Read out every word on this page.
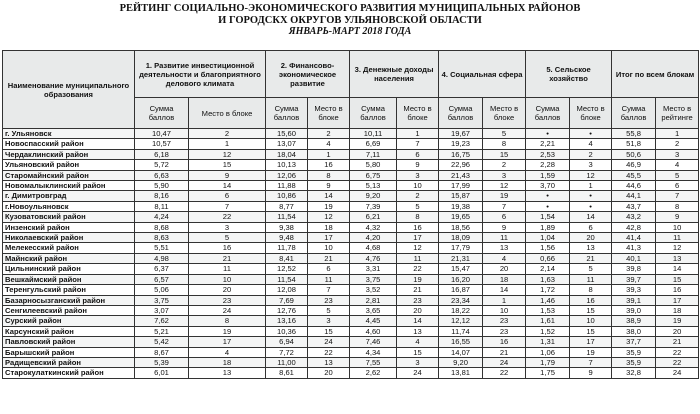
РЕЙТИНГ СОЦИАЛЬНО-ЭКОНОМИЧЕСКОГО РАЗВИТИЯ МУНИЦИПАЛЬНЫХ РАЙОНОВ
И ГОРОДСКХ ОКРУГОВ УЛЬЯНОВСКОЙ ОБЛАСТИ
ЯНВАРЬ-МАРТ 2018 ГОДА
Наименование муниципального образования	1. Развитие инвестиционной деятельности и благоприятного делового климата		2. Финансово-экономическое развитие		3. Денежные доходы населения		4. Социальная сфера		5. Сельское хозяйство		Итог по всем блокам	
	Сумма баллов	Место в блоке	Сумма баллов	Место в блоке	Сумма баллов	Место в блоке	Сумма баллов	Место в блоке	Сумма баллов	Место в блоке	Сумма баллов	Место в рейтинге
г. Ульяновск	10,47	2	15,60	2	10,11	1	19,67	5	•	•	55,8	1
Новоспасский район	10,57	1	13,07	4	6,69	7	19,23	8	2,21	4	51,8	2
Чердаклинский район	6,18	12	18,04	1	7,11	6	16,75	15	2,53	2	50,6	3
Ульяновский район	5,72	15	10,13	16	5,80	9	22,96	2	2,28	3	46,9	4
Старомайнский район	6,63	9	12,06	8	6,75	3	21,43	3	1,59	12	45,5	5
Новомалыклинский район	5,90	14	11,88	9	5,13	10	17,99	12	3,70	1	44,6	6
г. Димитровград	8,16	6	10,86	14	9,20	2	15,87	19	•	•	44,1	7
г.Новоульяновск	8,11	7	8,77	19	7,39	5	19,38	7	•	•	43,7	8
Кузоватовский район	4,24	22	11,54	12	6,21	8	19,65	6	1,54	14	43,2	9
Инзенский район	8,68	3	9,38	18	4,32	16	18,56	9	1,89	6	42,8	10
Николаевский район	8,63	5	9,48	17	4,20	17	18,09	11	1,04	20	41,4	11
Мелекесский район	5,51	16	11,78	10	4,68	12	17,79	13	1,56	13	41,3	12
Майнский район	4,98	21	8,41	21	4,76	11	21,31	4	0,66	21	40,1	13
Цильнинский район	6,37	11	12,52	6	3,31	22	15,47	20	2,14	5	39,8	14
Вешкаймский район	6,57	10	11,54	11	3,75	19	16,20	18	1,63	11	39,7	15
Теренгульский район	5,06	20	12,08	7	3,52	21	16,87	14	1,72	8	39,3	16
Базарносызганский район	3,75	23	7,69	23	2,81	23	23,34	1	1,46	16	39,1	17
Сенгилеевский район	3,07	24	12,76	5	3,65	20	18,22	10	1,53	15	39,0	18
Сурский район	7,62	8	13,16	3	4,45	14	12,12	23	1,61	10	38,9	19
Карсунский район	5,21	19	10,36	15	4,60	13	11,74	23	1,52	15	38,0	20
Павловский район	5,42	17	6,94	24	7,46	4	16,55	16	1,31	17	37,7	21
Барышский район	8,67	4	7,72	22	4,34	15	14,07	21	1,06	19	35,9	22
Радищевский район	5,39	18	11,00	13	7,55	3	9,20	24	1,79	7	35,9	22
Старокулаткинский район	6,01	13	8,61	20	2,62	24	13,81	22	1,75	9	32,8	24
